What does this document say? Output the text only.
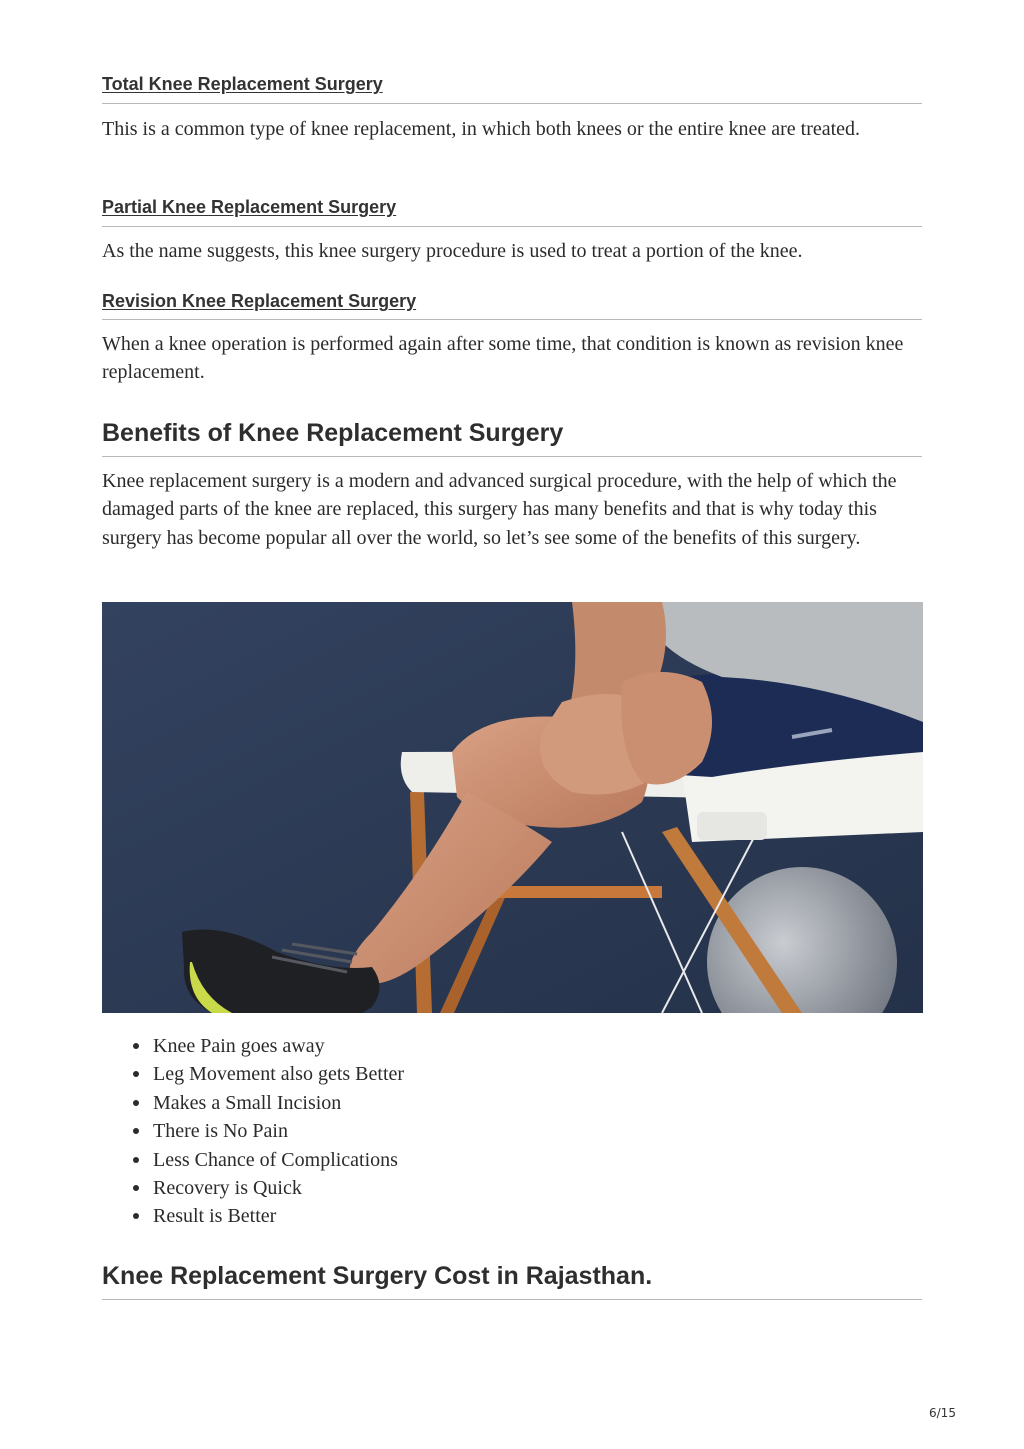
Total Knee Replacement Surgery
This is a common type of knee replacement, in which both knees or the entire knee are treated.
Partial Knee Replacement Surgery
As the name suggests, this knee surgery procedure is used to treat a portion of the knee.
Revision Knee Replacement Surgery
When a knee operation is performed again after some time, that condition is known as revision knee replacement.
Benefits of Knee Replacement Surgery
Knee replacement surgery is a modern and advanced surgical procedure, with the help of which the damaged parts of the knee are replaced, this surgery has many benefits and that is why today this surgery has become popular all over the world, so let’s see some of the benefits of this surgery.
Knee Pain goes away
Leg Movement also gets Better
Makes a Small Incision
There is No Pain
Less Chance of Complications
Recovery is Quick
Result is Better
Knee Replacement Surgery Cost in Rajasthan.
6/15
